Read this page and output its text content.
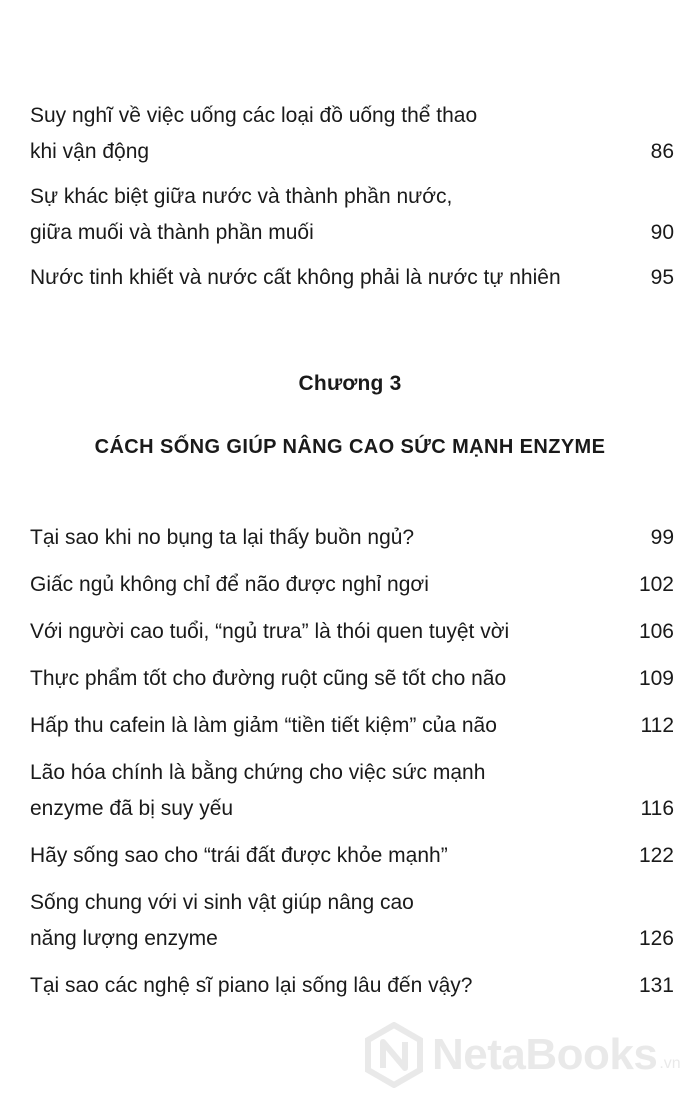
Suy nghĩ về việc uống các loại đồ uống thể thao
khi vận động	86
Sự khác biệt giữa nước và thành phần nước,
giữa muối và thành phần muối	90
Nước tinh khiết và nước cất không phải là nước tự nhiên	95
Chương 3
CÁCH SỐNG GIÚP NÂNG CAO SỨC MẠNH ENZYME
Tại sao khi no bụng ta lại thấy buồn ngủ?	99
Giấc ngủ không chỉ để não được nghỉ ngơi	102
Với người cao tuổi, “ngủ trưa” là thói quen tuyệt vời	106
Thực phẩm tốt cho đường ruột cũng sẽ tốt cho não	109
Hấp thu cafein là làm giảm “tiền tiết kiệm” của não	112
Lão hóa chính là bằng chứng cho việc sức mạnh
enzyme đã bị suy yếu	116
Hãy sống sao cho “trái đất được khỏe mạnh”	122
Sống chung với vi sinh vật giúp nâng cao
năng lượng enzyme	126
Tại sao các nghệ sĩ piano lại sống lâu đến vậy?	131
NetaBooks .vn
